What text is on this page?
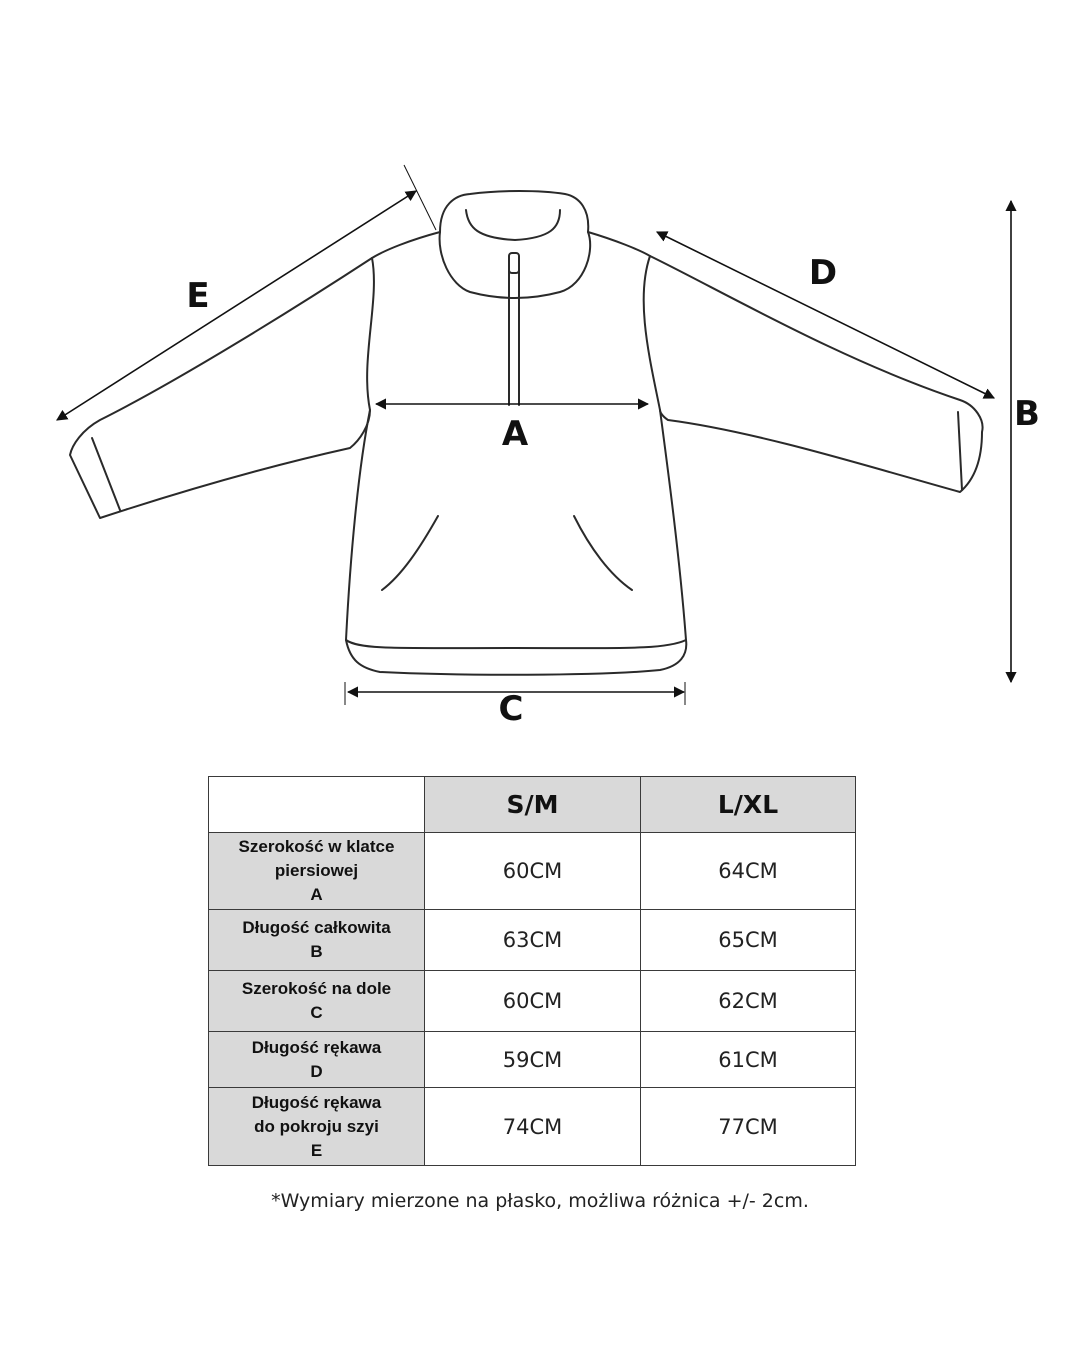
E
D
A	B
C
	S/M	L/XL

Szerokość w klatce
piersiowej
A	60CM	64CM

Długość całkowita
B	63CM	65CM

Szerokość na dole
C	60CM	62CM

Długość rękawa
D	59CM	61CM

Długość rękawa
do pokroju szyi
E	74CM	77CM
*Wymiary mierzone na płasko, możliwa różnica +/- 2cm.
